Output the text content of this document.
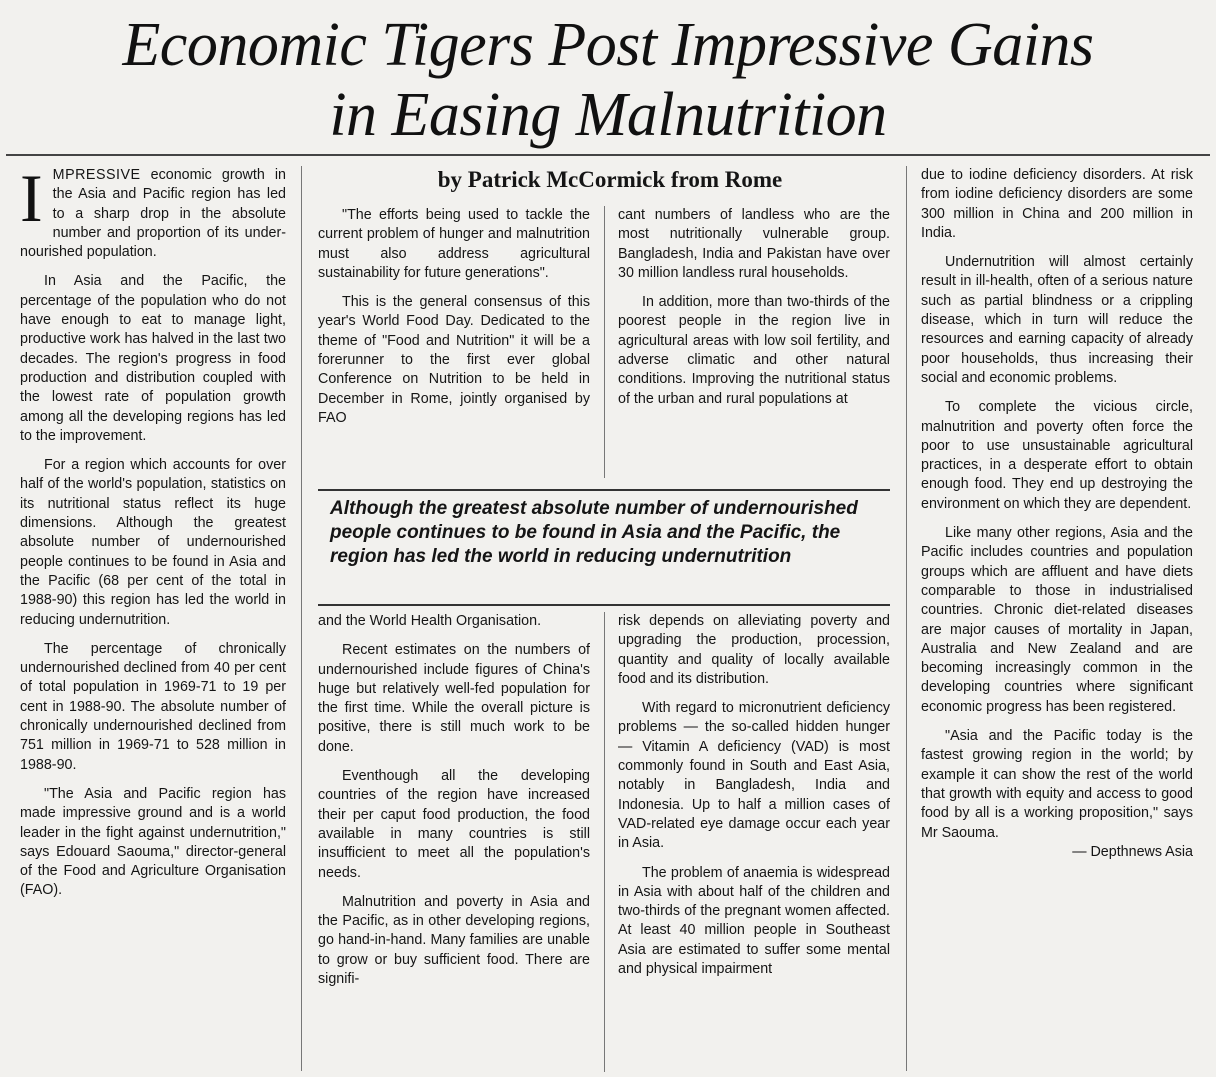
Economic Tigers Post Impressive Gains
in Easing Malnutrition
by Patrick McCormick from Rome

IMPRESSIVE economic growth in the Asia and Pacific region has led to a sharp drop in the absolute number and proportion of its under-nourished population.

In Asia and the Pacific, the percentage of the population who do not have enough to eat to manage light, productive work has halved in the last two decades. The region's progress in food production and distribution coupled with the lowest rate of population growth among all the developing regions has led to the improvement.

For a region which accounts for over half of the world's population, statistics on its nutritional status reflect its huge dimensions. Although the greatest absolute number of undernourished people continues to be found in Asia and the Pacific (68 per cent of the total in 1988-90) this region has led the world in reducing undernutrition.

The percentage of chronically undernourished declined from 40 per cent of total population in 1969-71 to 19 per cent in 1988-90. The absolute number of chronically undernourished declined from 751 million in 1969-71 to 528 million in 1988-90.

"The Asia and Pacific region has made impressive ground and is a world leader in the fight against undernutrition," says Edouard Saouma," director-general of the Food and Agriculture Organisation (FAO).

"The efforts being used to tackle the current problem of hunger and malnutrition must also address agricultural sustainability for future generations".

This is the general consensus of this year's World Food Day. Dedicated to the theme of "Food and Nutrition" it will be a forerunner to the first ever global Conference on Nutrition to be held in December in Rome, jointly organised by FAO

cant numbers of landless who are the most nutritionally vulnerable group. Bangladesh, India and Pakistan have over 30 million landless rural households.

In addition, more than two-thirds of the poorest people in the region live in agricultural areas with low soil fertility, and adverse climatic and other natural conditions. Improving the nutritional status of the urban and rural populations at

Although the greatest absolute number of undernourished people continues to be found in Asia and the Pacific, the region has led the world in reducing undernutrition

and the World Health Organisation.

Recent estimates on the numbers of undernourished include figures of China's huge but relatively well-fed population for the first time. While the overall picture is positive, there is still much work to be done.

Eventhough all the developing countries of the region have increased their per caput food production, the food available in many countries is still insufficient to meet all the population's needs.

Malnutrition and poverty in Asia and the Pacific, as in other developing regions, go hand-in-hand. Many families are unable to grow or buy sufficient food. There are signifi-

risk depends on alleviating poverty and upgrading the production, procession, quantity and quality of locally available food and its distribution.

With regard to micronutrient deficiency problems — the so-called hidden hunger — Vitamin A deficiency (VAD) is most commonly found in South and East Asia, notably in Bangladesh, India and Indonesia. Up to half a million cases of VAD-related eye damage occur each year in Asia.

The problem of anaemia is widespread in Asia with about half of the children and two-thirds of the pregnant women affected. At least 40 million people in Southeast Asia are estimated to suffer some mental and physical impairment

due to iodine deficiency disorders. At risk from iodine deficiency disorders are some 300 million in China and 200 million in India.

Undernutrition will almost certainly result in ill-health, often of a serious nature such as partial blindness or a crippling disease, which in turn will reduce the resources and earning capacity of already poor households, thus increasing their social and economic problems.

To complete the vicious circle, malnutrition and poverty often force the poor to use unsustainable agricultural practices, in a desperate effort to obtain enough food. They end up destroying the environment on which they are dependent.

Like many other regions, Asia and the Pacific includes countries and population groups which are affluent and have diets comparable to those in industrialised countries. Chronic diet-related diseases are major causes of mortality in Japan, Australia and New Zealand and are becoming increasingly common in the developing countries where significant economic progress has been registered.

"Asia and the Pacific today is the fastest growing region in the world; by example it can show the rest of the world that growth with equity and access to good food by all is a working proposition," says Mr Saouma.

— Depthnews Asia
